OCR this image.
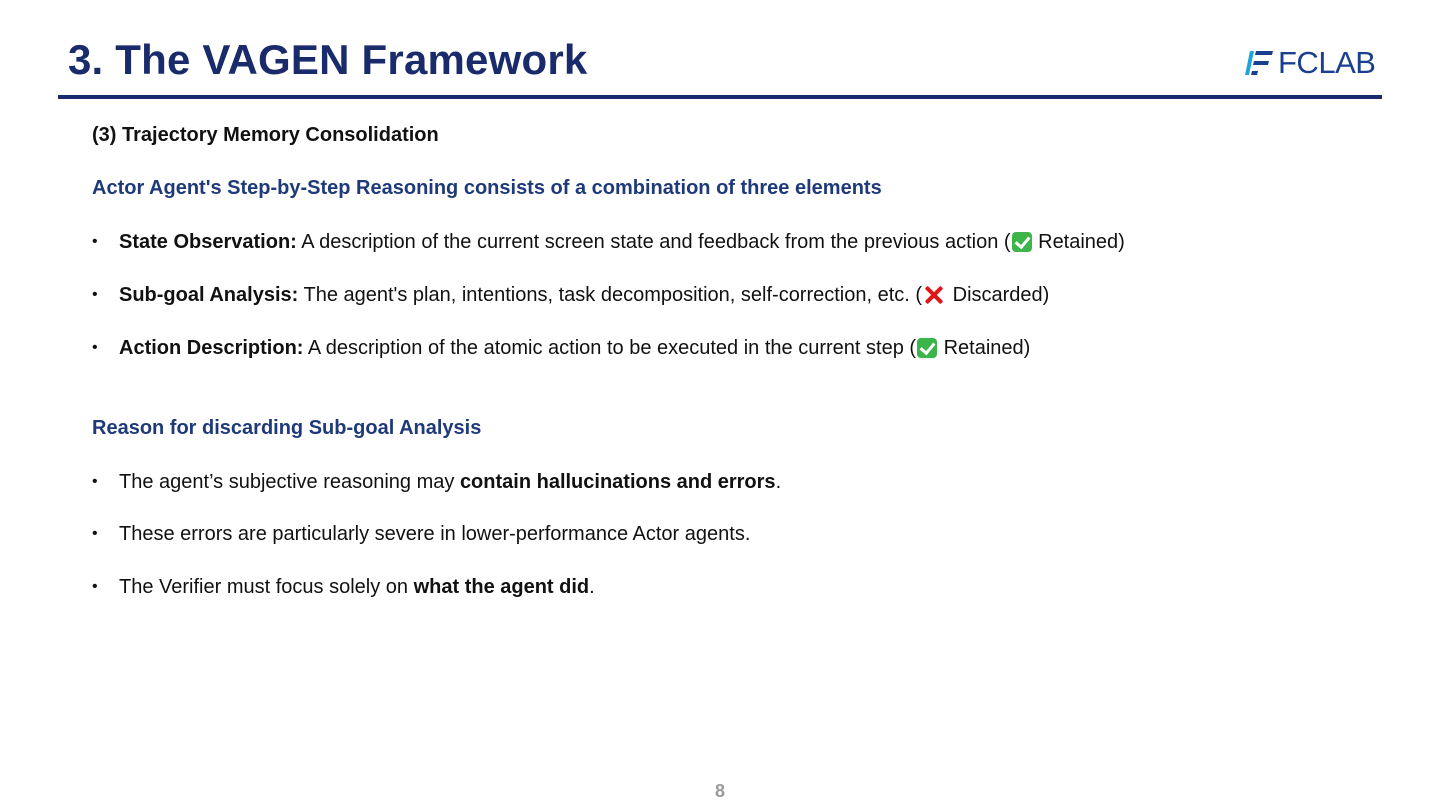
3. The VAGEN Framework	FCLAB
(3) Trajectory Memory Consolidation
Actor Agent's Step-by-Step Reasoning consists of a combination of three elements
•	State Observation: A description of the current screen state and feedback from the previous action ( Retained)
•	Sub-goal Analysis: The agent's plan, intentions, task decomposition, self-correction, etc. ( Discarded)
•	Action Description: A description of the atomic action to be executed in the current step ( Retained)
Reason for discarding Sub-goal Analysis
•	The agent’s subjective reasoning may contain hallucinations and errors .
•	These errors are particularly severe in lower-performance Actor agents.
•	The Verifier must focus solely on what the agent did .
8
